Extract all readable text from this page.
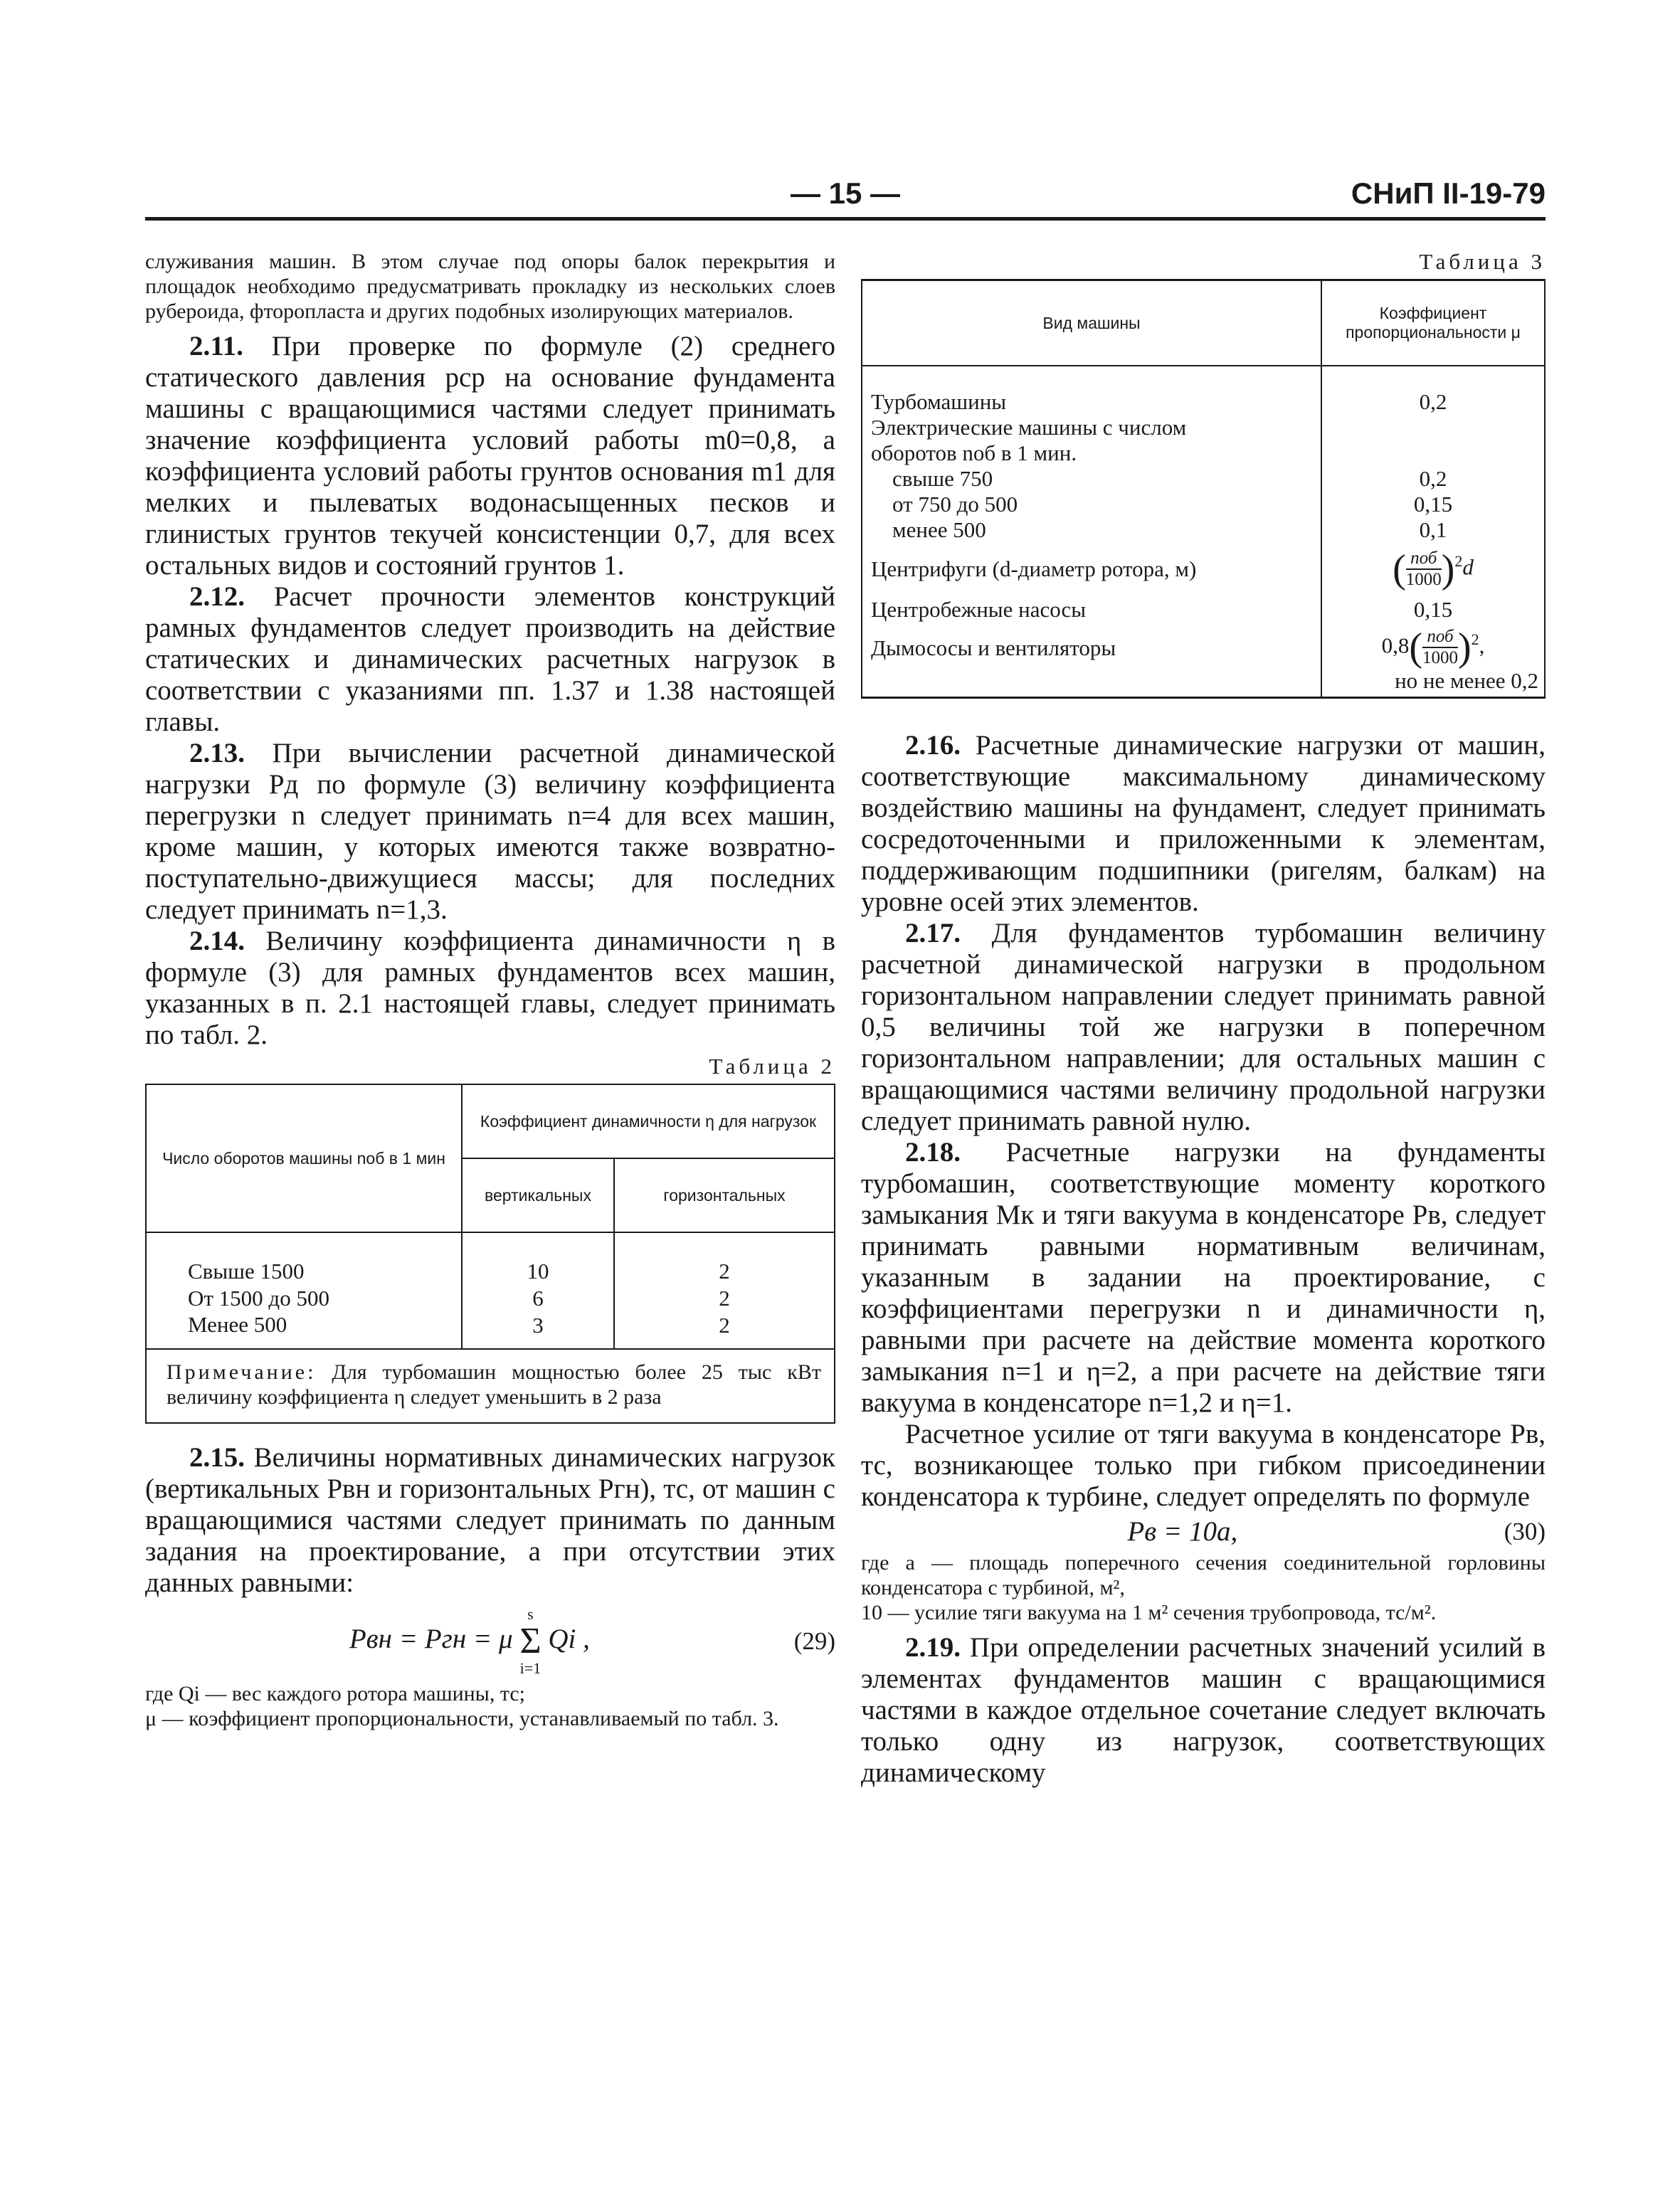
— 15 —	СНиП II-19-79

служивания машин. В этом случае под опоры балок перекрытия и площадок необходимо предусматривать прокладку из нескольких слоев рубероида, фторопласта и других подобных изолирующих материалов.

2.11. При проверке по формуле (2) среднего статического давления pср на основание фундамента машины с вращающимися частями следует принимать значение коэффициента условий работы m0=0,8, а коэффициента условий работы грунтов основания m1 для мелких и пылеватых водонасыщенных песков и глинистых грунтов текучей консистенции 0,7, для всех остальных видов и состояний грунтов 1.

2.12. Расчет прочности элементов конструкций рамных фундаментов следует производить на действие статических и динамических расчетных нагрузок в соответствии с указаниями пп. 1.37 и 1.38 настоящей главы.

2.13. При вычислении расчетной динамической нагрузки Pд по формуле (3) величину коэффициента перегрузки n следует принимать n=4 для всех машин, кроме машин, у которых имеются также возвратно-поступательно-движущиеся массы; для последних следует принимать n=1,3.

2.14. Величину коэффициента динамичности η в формуле (3) для рамных фундаментов всех машин, указанных в п. 2.1 настоящей главы, следует принимать по табл. 2.

Таблица 2
Число оборотов машины nоб в 1 мин	Коэффициент динамичности η для нагрузок	
	вертикальных	горизонтальных
Свыше 1500	10	2
От 1500 до 500	6	2
Менее 500	3	2
Примечание: Для турбомашин мощностью более 25 тыс кВт величину коэффициента η следует уменьшить в 2 раза		

2.15. Величины нормативных динамических нагрузок (вертикальных Pвн и горизонтальных Pгн), тс, от машин с вращающимися частями следует принимать по данным задания на проектирование, а при отсутствии этих данных равными:

Pвн = Pгн = μ
s
Σ
i=1
Qi ,	(29)

где Qi — вес каждого ротора машины, тс;

μ — коэффициент пропорциональности, устанавливаемый по табл. 3.

Таблица 3
Вид машины	Коэффициент пропорциональности μ
Турбомашины	0,2
Электрические машины с числом	
оборотов nоб в 1 мин.	
свыше 750	0,2
от 750 до 500	0,15
менее 500	0,1
Центрифуги (d-диаметр ротора, м)	( $\frac{\text{nоб}}{1000} )^2d$
Центробежные насосы	0,15
Дымососы и вентиляторы	$0,8( \frac{\text{nоб}}{1000} )^2$,
но не менее 0,2

2.16. Расчетные динамические нагрузки от машин, соответствующие максимальному динамическому воздействию машины на фундамент, следует принимать сосредоточенными и приложенными к элементам, поддерживающим подшипники (ригелям, балкам) на уровне осей этих элементов.

2.17. Для фундаментов турбомашин величину расчетной динамической нагрузки в продольном горизонтальном направлении следует принимать равной 0,5 величины той же нагрузки в поперечном горизонтальном направлении; для остальных машин с вращающимися частями величину продольной нагрузки следует принимать равной нулю.

2.18. Расчетные нагрузки на фундаменты турбомашин, соответствующие моменту короткого замыкания Mк и тяги вакуума в конденсаторе Pв, следует принимать равными нормативным величинам, указанным в задании на проектирование, с коэффициентами перегрузки n и динамичности η, равными при расчете на действие момента короткого замыкания n=1 и η=2, а при расчете на действие тяги вакуума в конденсаторе n=1,2 и η=1.

Расчетное усилие от тяги вакуума в конденсаторе Pв, тс, возникающее только при гибком присоединении конденсатора к турбине, следует определять по формуле

Pв = 10a,	(30)

где a — площадь поперечного сечения соединительной горловины конденсатора с турбиной, м²,

10 — усилие тяги вакуума на 1 м² сечения трубопровода, тс/м².

2.19. При определении расчетных значений усилий в элементах фундаментов машин с вращающимися частями в каждое отдельное сочетание следует включать только одну из нагрузок, соответствующих динамическому
